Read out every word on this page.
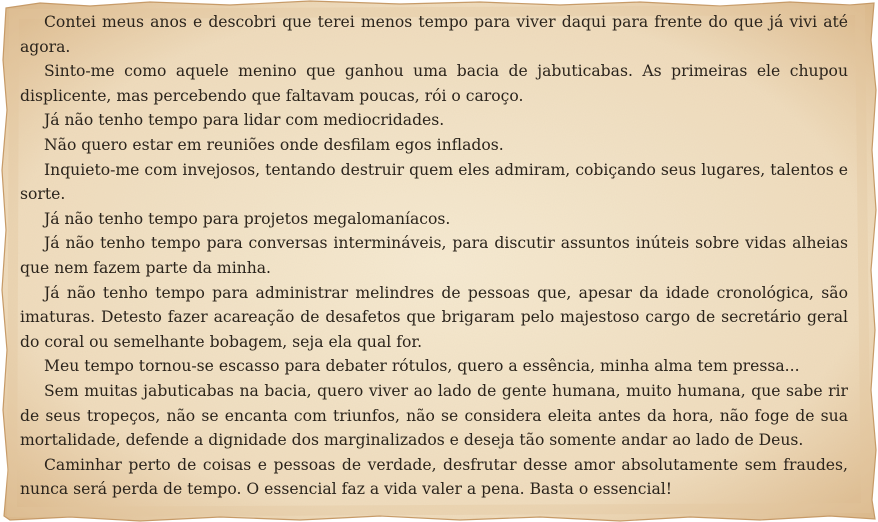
Contei meus anos e descobri que terei menos tempo para viver daqui para frente do que já vivi até agora.

Sinto-me como aquele menino que ganhou uma bacia de jabuticabas. As primeiras ele chupou displicente, mas percebendo que faltavam poucas, rói o caroço.

Já não tenho tempo para lidar com mediocridades.

Não quero estar em reuniões onde desfilam egos inflados.

Inquieto-me com invejosos, tentando destruir quem eles admiram, cobiçando seus lugares, talentos e sorte.

Já não tenho tempo para projetos megalomaníacos.

Já não tenho tempo para conversas intermináveis, para discutir assuntos inúteis sobre vidas alheias que nem fazem parte da minha.

Já não tenho tempo para administrar melindres de pessoas que, apesar da idade cronológica, são imaturas. Detesto fazer acareação de desafetos que brigaram pelo majestoso cargo de secretário geral do coral ou semelhante bobagem, seja ela qual for.

Meu tempo tornou-se escasso para debater rótulos, quero a essência, minha alma tem pressa...

Sem muitas jabuticabas na bacia, quero viver ao lado de gente humana, muito humana, que sabe rir de seus tropeços, não se encanta com triunfos, não se considera eleita antes da hora, não foge de sua mortalidade, defende a dignidade dos marginalizados e deseja tão somente andar ao lado de Deus.

Caminhar perto de coisas e pessoas de verdade, desfrutar desse amor absolutamente sem fraudes, nunca será perda de tempo. O essencial faz a vida valer a pena. Basta o essencial!
